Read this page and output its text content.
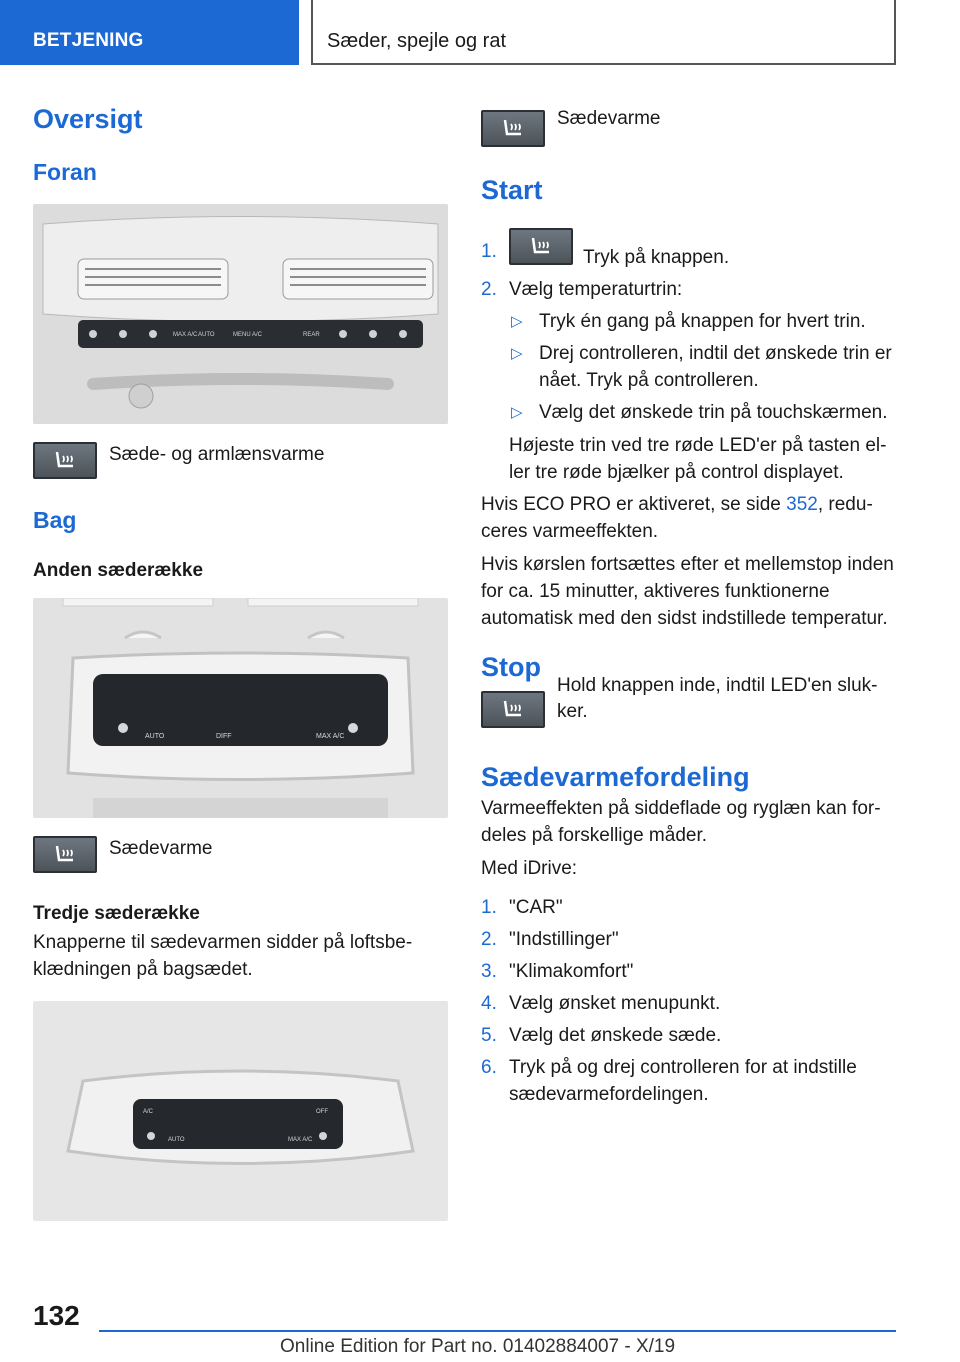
BETJENING	Sæder, spejle og rat
Oversigt
Foran
MAX A/C AUTO	MENU A/C	REAR
Sæde- og armlænsvarme
Bag
Anden sæderække
AUTO	DIFF	MAX A/C
Sædevarme
Tredje sæderække

Knapperne til sædevarmen sidder på loftsbeklædningen på bagsædet.

A/C	OFF
AUTO	MAX A/C
Sædevarme
Start
1.	Tryk på knappen.
2. Vælg temperaturtrin:
▷ Tryk én gang på knappen for hvert trin.
▷ Drej controlleren, indtil det ønskede trin er nået. Tryk på controlleren.
▷ Vælg det ønskede trin på touchskærmen.

Højeste trin ved tre røde LED'er på tasten eller tre røde bjælker på control displayet.

Hvis ECO PRO er aktiveret, se side 352, reduceres varmeeffekten.

Hvis kørslen fortsættes efter et mellemstop inden for ca. 15 minutter, aktiveres funktionerne automatisk med den sidst indstillede temperatur.

Stop
Hold knappen inde, indtil LED'en slukker.
Sædevarmefordeling

Varmeeffekten på siddeflade og ryglæn kan fordeles på forskellige måder.

Med iDrive:

1. "CAR"
2. "Indstillinger"
3. "Klimakomfort"
4. Vælg ønsket menupunkt.
5. Vælg det ønskede sæde.
6. Tryk på og drej controlleren for at indstille sædevarmefordelingen.
132
Online Edition for Part no. 01402884007 - X/19
